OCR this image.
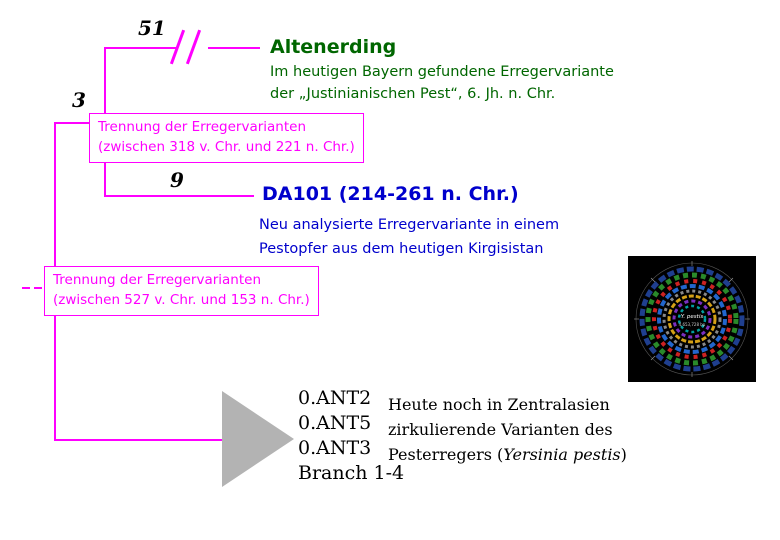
51
3
9
Trennung der Erregervarianten
(zwischen 318 v. Chr. und 221 n. Chr.)
Trennung der Erregervarianten
(zwischen 527 v. Chr. und 153 n. Chr.)
Altenerding
Im heutigen Bayern gefundene Erregervariante
der „Justinianischen Pest“, 6. Jh. n. Chr.
DA101 (214-261 n. Chr.)
Neu analysierte Erregervariante in einem
Pestopfer aus dem heutigen Kirgisistan
0.ANT2
0.ANT5
0.ANT3
Branch 1-4
Heute noch in Zentralasien
zirkulierende Varianten des
Pesterregers (Yersinia pestis)
Y. pestis
4,653,728 bp
